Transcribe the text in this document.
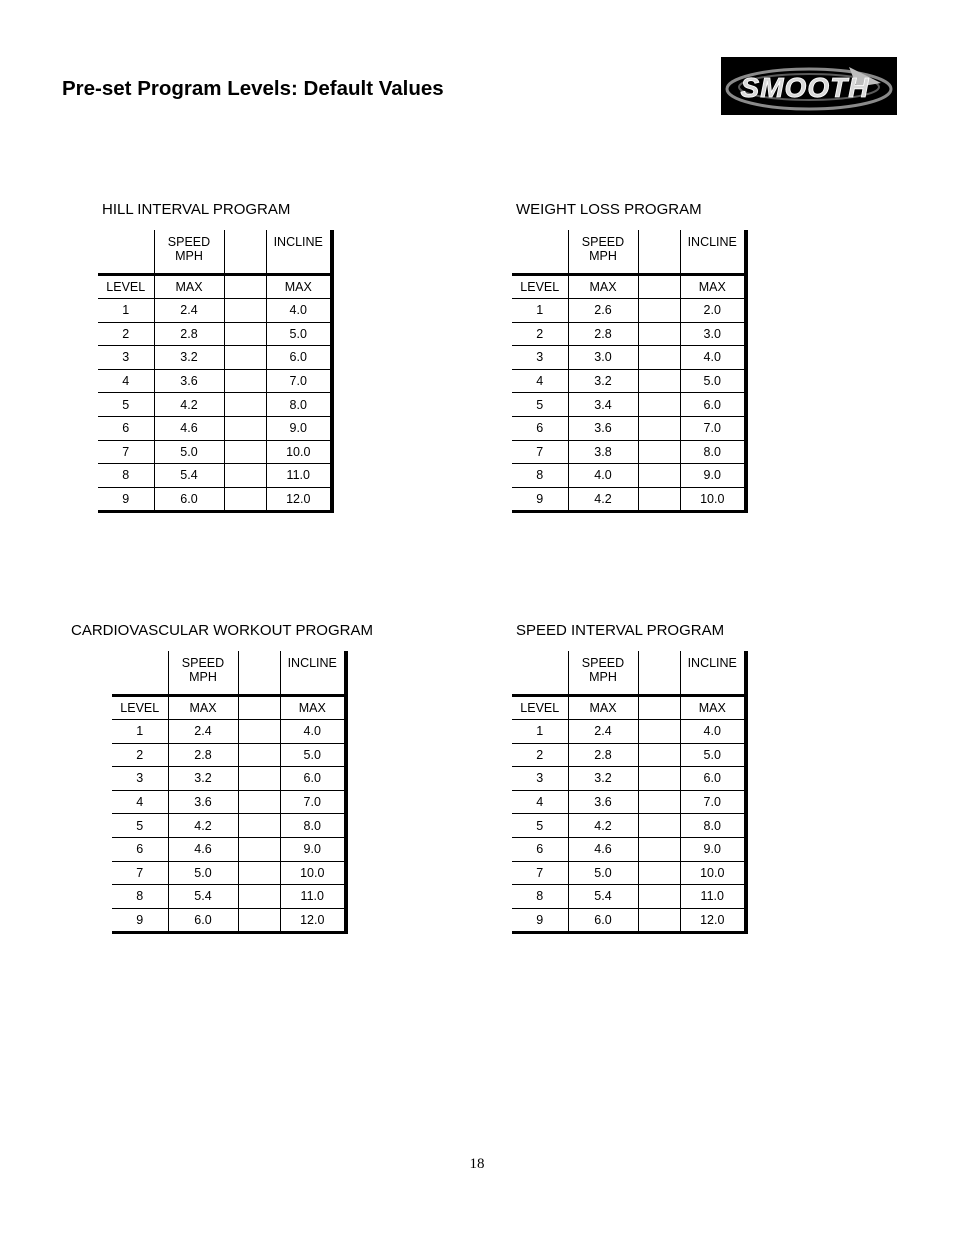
Pre-set Program Levels: Default Values	SMOOTH
HILL INTERVAL PROGRAM

	SPEED
MPH		INCLINE
LEVEL	MAX		MAX
1	2.4		4.0
2	2.8		5.0
3	3.2		6.0
4	3.6		7.0
5	4.2		8.0
6	4.6		9.0
7	5.0		10.0
8	5.4		11.0
9	6.0		12.0
WEIGHT LOSS PROGRAM

	SPEED
MPH		INCLINE
LEVEL	MAX		MAX
1	2.6		2.0
2	2.8		3.0
3	3.0		4.0
4	3.2		5.0
5	3.4		6.0
6	3.6		7.0
7	3.8		8.0
8	4.0		9.0
9	4.2		10.0
CARDIOVASCULAR WORKOUT PROGRAM

	SPEED
MPH		INCLINE
LEVEL	MAX		MAX
1	2.4		4.0
2	2.8		5.0
3	3.2		6.0
4	3.6		7.0
5	4.2		8.0
6	4.6		9.0
7	5.0		10.0
8	5.4		11.0
9	6.0		12.0
SPEED INTERVAL PROGRAM

	SPEED
MPH		INCLINE
LEVEL	MAX		MAX
1	2.4		4.0
2	2.8		5.0
3	3.2		6.0
4	3.6		7.0
5	4.2		8.0
6	4.6		9.0
7	5.0		10.0
8	5.4		11.0
9	6.0		12.0
18
